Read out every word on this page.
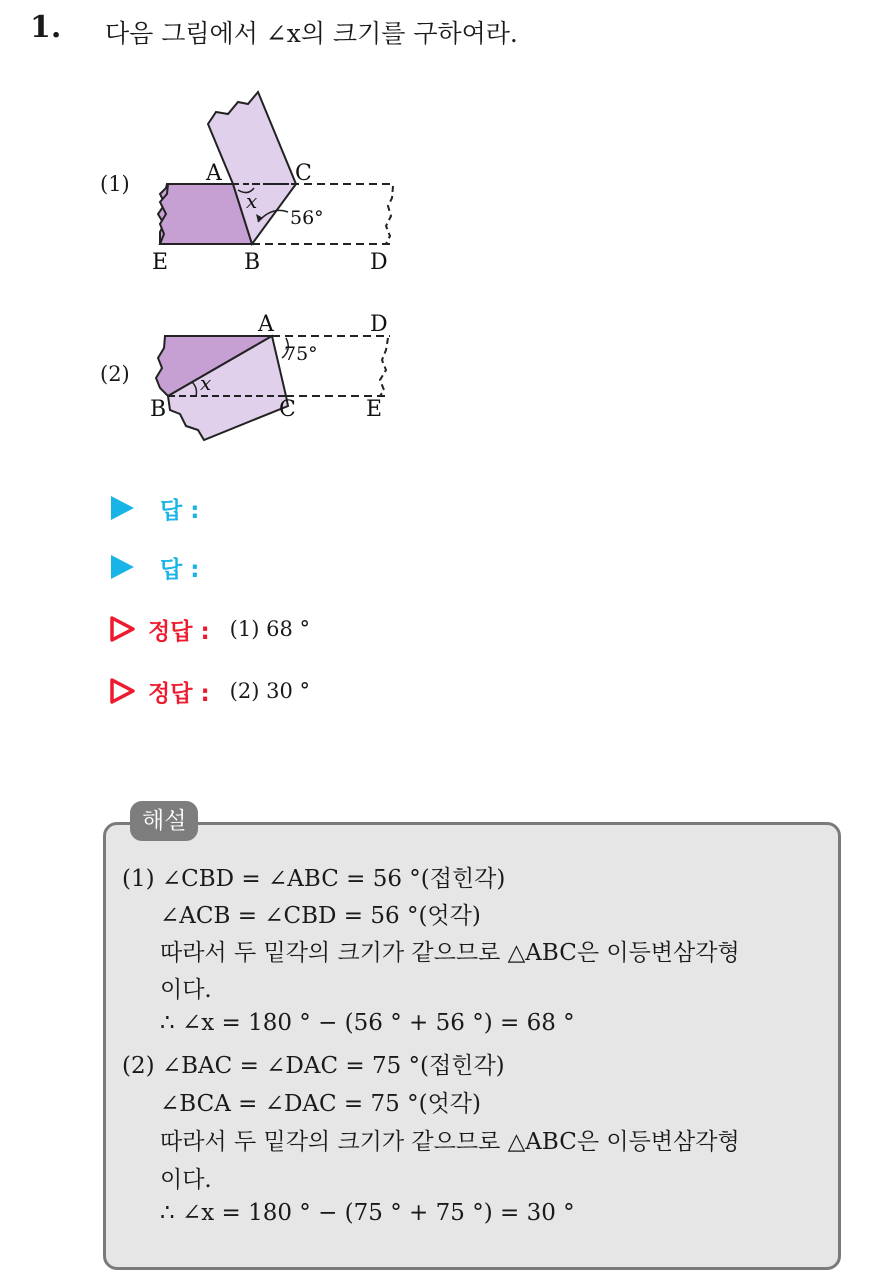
1. 다음 그림에서 ∠x의 크기를 구하여라.
(1)
(2)
A	C
E	B	D
x
56°
A	D
B	C	E
75°
x
답 :
답 :
정답 : (1) 68 °
정답 : (2) 30 °
해설
(1) ∠CBD = ∠ABC = 56 °(접힌각)
∠ACB = ∠CBD = 56 °(엇각)
따라서 두 밑각의 크기가 같으므로 △ABC은 이등변삼각형
이다.
∴ ∠x = 180 ° − (56 ° + 56 °) = 68 °
(2) ∠BAC = ∠DAC = 75 °(접힌각)
∠BCA = ∠DAC = 75 °(엇각)
따라서 두 밑각의 크기가 같으므로 △ABC은 이등변삼각형
이다.
∴ ∠x = 180 ° − (75 ° + 75 °) = 30 °
